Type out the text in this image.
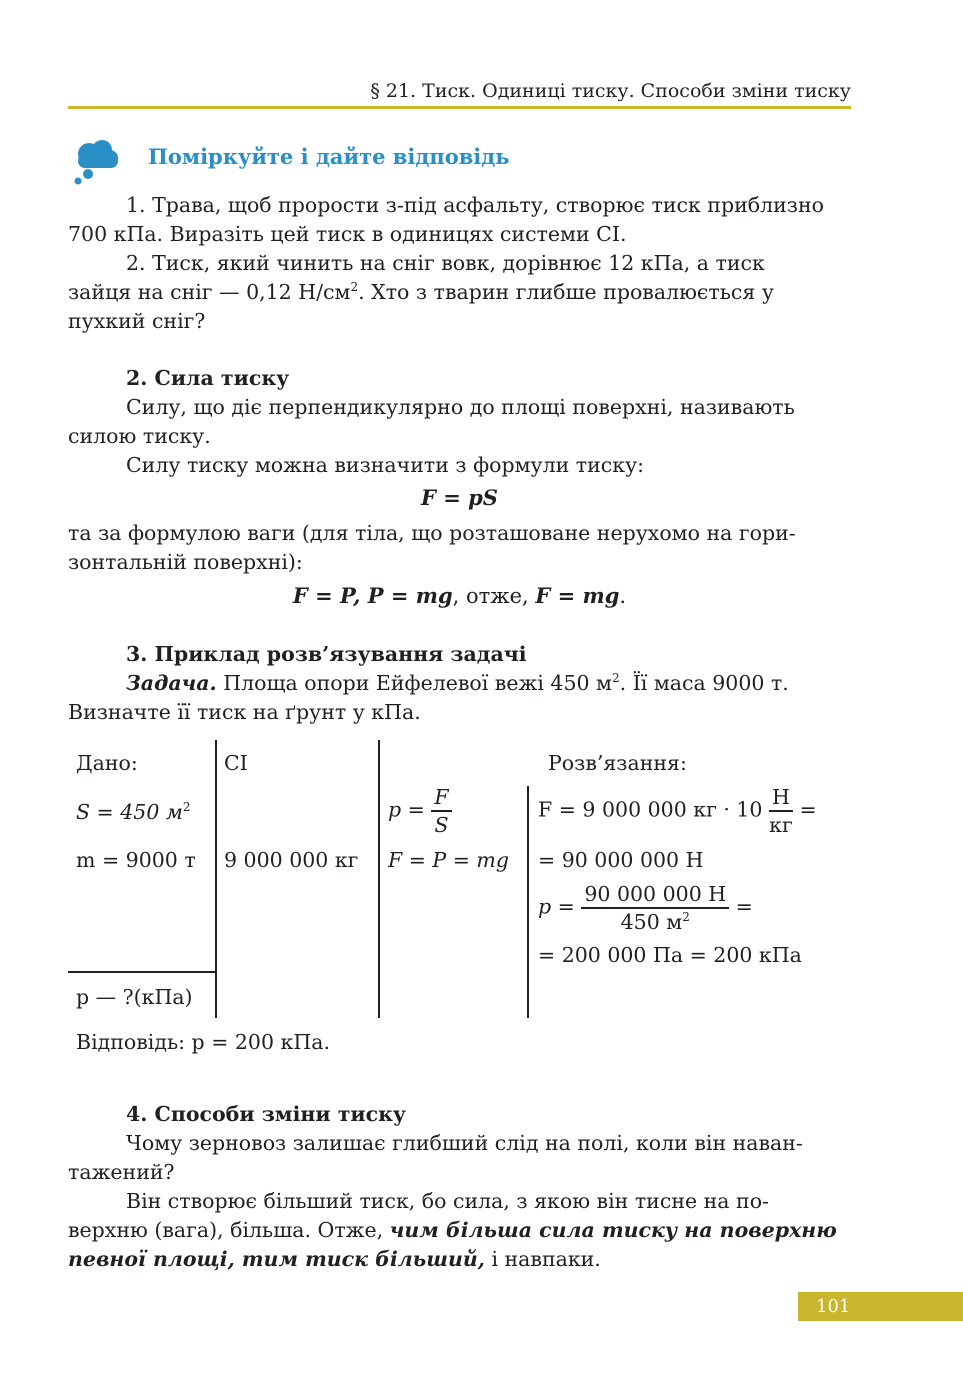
§ 21. Тиск. Одиниці тиску. Способи зміни тиску
Поміркуйте і дайте відповідь

1. Трава, щоб прорости з-під асфальту, створює тиск приблизно
700 кПа. Виразіть цей тиск в одиницях системи СІ.

2. Тиск, який чинить на сніг вовк, дорівнює 12 кПа, а тиск
зайця на сніг — 0,12 $Н/см^2$. Хто з тварин глибше провалюється у
пухкий сніг?

2. Сила тиску
Силу, що діє перпендикулярно до площі поверхні, називають
силою тиску.
Силу тиску можна визначити з формули тиску:

F = pS

та за формулою ваги (для тіла, що розташоване нерухомо на гори-
зонтальній поверхні):

F = P, P = mg, отже, F = mg.

3. Приклад розв’язування задачі
Задача. Площа опори Ейфелевої вежі 450 $м^2$. Її маса 9000 т.
Визначте її тиск на ґрунт у кПа.

Дано:	СІ	Розв’язання:
S = 450 $м^2$
m = 9000 т 9 000 000 кг
p — ?(кПа)
$p = \frac{F}{S}$
F = P = mg
F = 9 000 000 кг · $10 \frac{Н}{кг}$ =
= 90 000 000 Н
$p = \frac{90 000 000 Н}{450 м^2}$ =
= 200 000 Па = 200 кПа
Відповідь: p = 200 кПа.

4. Способи зміни тиску
Чому зерновоз залишає глибший слід на полі, коли він наван-
тажений?
Він створює більший тиск, бо сила, з якою він тисне на по-
верхню (вага), більша. Отже, чим більша сила тиску на поверхню
певної площі, тим тиск більший, і навпаки.

101
